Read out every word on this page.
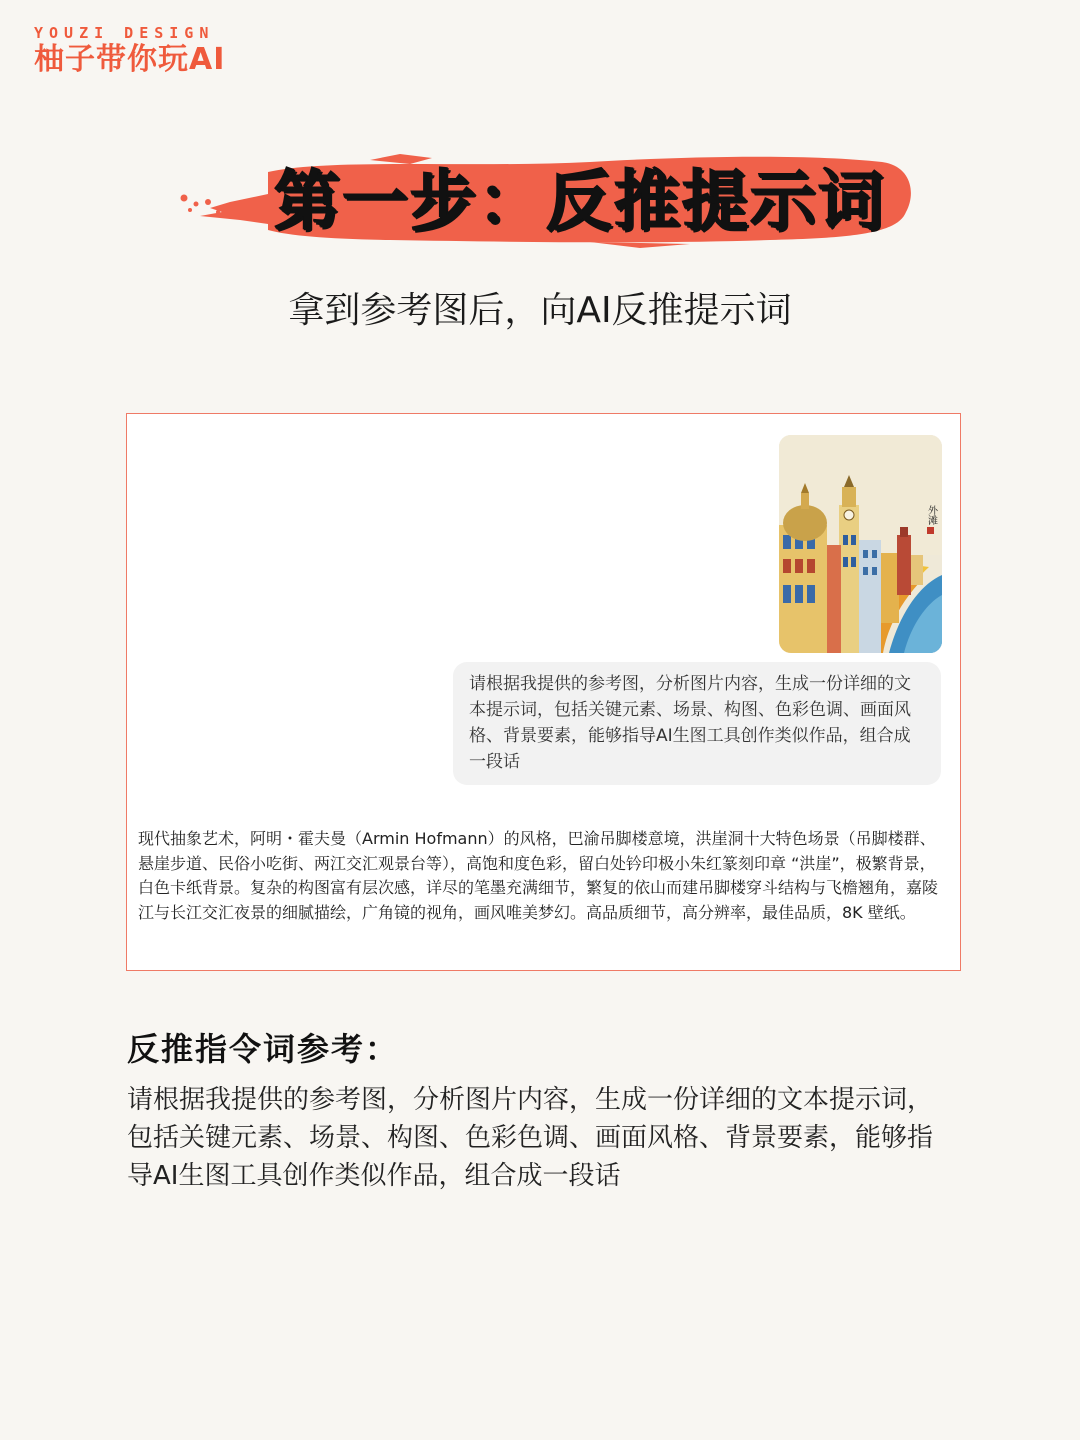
YOUZI DESIGN
柚子带你玩AI
第一步：反推提示词
拿到参考图后，向AI反推提示词
外滩
请根据我提供的参考图，分析图片内容，生成一份详细的文本提示词，包括关键元素、场景、构图、色彩色调、画面风格、背景要素，能够指导AI生图工具创作类似作品，组合成一段话
现代抽象艺术，阿明・霍夫曼（Armin Hofmann）的风格，巴渝吊脚楼意境，洪崖洞十大特色场景（吊脚楼群、悬崖步道、民俗小吃街、两江交汇观景台等），高饱和度色彩，留白处钤印极小朱红篆刻印章 “洪崖”，极繁背景，白色卡纸背景。复杂的构图富有层次感，详尽的笔墨充满细节，繁复的依山而建吊脚楼穿斗结构与飞檐翘角，嘉陵江与长江交汇夜景的细腻描绘，广角镜的视角，画风唯美梦幻。高品质细节，高分辨率，最佳品质，8K 壁纸。
反推指令词参考：
请根据我提供的参考图，分析图片内容，生成一份详细的文本提示词，包括关键元素、场景、构图、色彩色调、画面风格、背景要素，能够指导AI生图工具创作类似作品，组合成一段话
